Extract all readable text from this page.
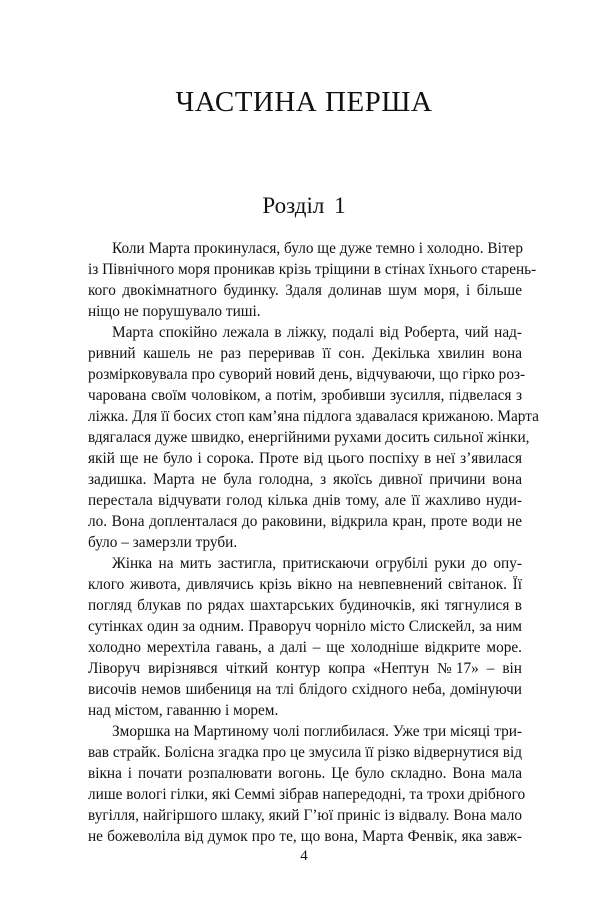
ЧАСТИНА ПЕРША
Розділ 1

Коли Марта прокинулася, було ще дуже темно і холодно. Вітер
із Північного моря проникав крізь тріщини в стінах їхнього старень-
кого двокімнатного будинку. Здаля долинав шум моря, і більше
ніщо не порушувало тиші.

Марта спокійно лежала в ліжку, подалі від Роберта, чий над-
ривний кашель не раз переривав її сон. Декілька хвилин вона
розмірковувала про суворий новий день, відчуваючи, що гірко роз-
чарована своїм чоловіком, а потім, зробивши зусилля, підвелася з
ліжка. Для її босих стоп кам’яна підлога здавалася крижаною. Марта
вдягалася дуже швидко, енергійними рухами досить сильної жінки,
якій ще не було і сорока. Проте від цього поспіху в неї з’явилася
задишка. Марта не була голодна, з якоїсь дивної причини вона
перестала відчувати голод кілька днів тому, але її жахливо нуди-
ло. Вона допленталася до раковини, відкрила кран, проте води не
було – замерзли труби.

Жінка на мить застигла, притискаючи огрубілі руки до опу-
клого живота, дивлячись крізь вікно на невпевнений світанок. Її
погляд блукав по рядах шахтарських будиночків, які тягнулися в
сутінках один за одним. Праворуч чорніло місто Слискейл, за ним
холодно мерехтіла гавань, а далі – ще холодніше відкрите море.
Ліворуч вирізнявся чіткий контур копра «Нептун №17» – він
височів немов шибениця на тлі блідого східного неба, домінуючи
над містом, гаванню і морем.

Зморшка на Мартиному чолі поглибилася. Уже три місяці три-
вав страйк. Болісна згадка про це змусила її різко відвернутися від
вікна і почати розпалювати вогонь. Це було складно. Вона мала
лише вологі гілки, які Семмі зібрав напередодні, та трохи дрібного
вугілля, найгіршого шлаку, який Г’юї приніс із відвалу. Вона мало
не божеволіла від думок про те, що вона, Марта Фенвік, яка завж-

4
